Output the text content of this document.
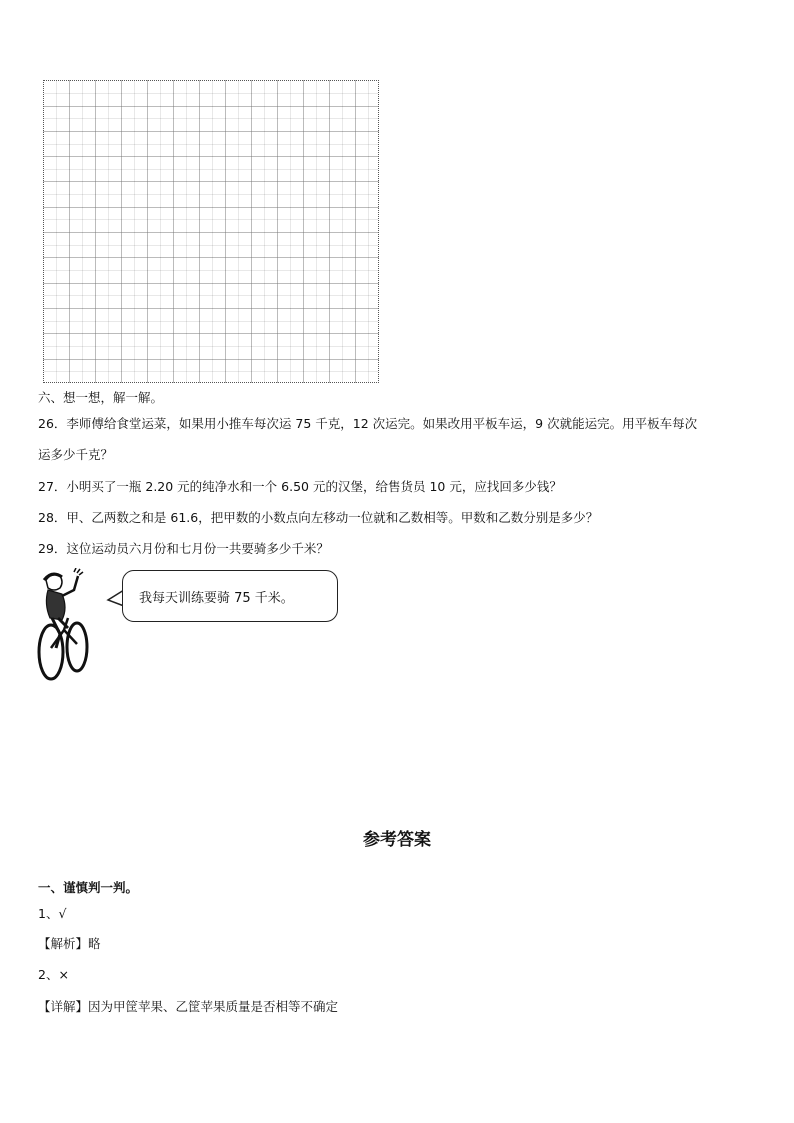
六、想一想，解一解。
26．李师傅给食堂运菜，如果用小推车每次运 75 千克，12 次运完。如果改用平板车运，9 次就能运完。用平板车每次
运多少千克？
27．小明买了一瓶 2.20 元的纯净水和一个 6.50 元的汉堡，给售货员 10 元，应找回多少钱？
28．甲、乙两数之和是 61.6，把甲数的小数点向左移动一位就和乙数相等。甲数和乙数分别是多少？
29．这位运动员六月份和七月份一共要骑多少千米？
我每天训练要骑 75 千米。
参考答案
一、谨慎判一判。
1、√
【解析】略
2、×
【详解】因为甲筐苹果、乙筐苹果质量是否相等不确定
